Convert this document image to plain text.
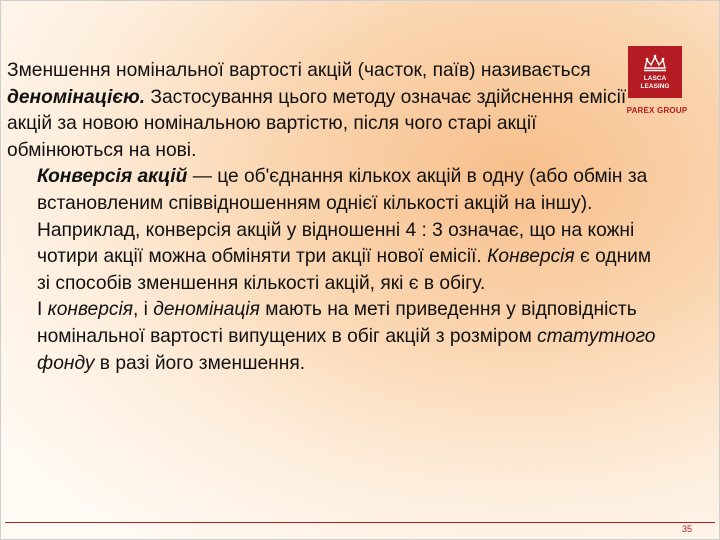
LASCA
LEASING
PAREX GROUP

Зменшення номінальної вартості акцій (часток, паїв) називається деномінацією. Застосування цього методу означає здійснення емісії акцій за новою номінальною вартістю, після чого старі акції обмінюються на нові.

Конверсія акцій — це об'єднання кількох акцій в одну (або обмін за встановленим співвідношенням однієї кількості акцій на іншу). Наприклад, конверсія акцій у відношенні 4 : 3 означає, що на кожні чотири акції можна обміняти три акції нової емісії. Конверсія є одним зі способів зменшення кількості акцій, які є в обігу.

І конверсія, і деномінація мають на меті приведення у відповідність номінальної вартості випущених в обіг акцій з розміром статутного фонду в разі його зменшення.

35
